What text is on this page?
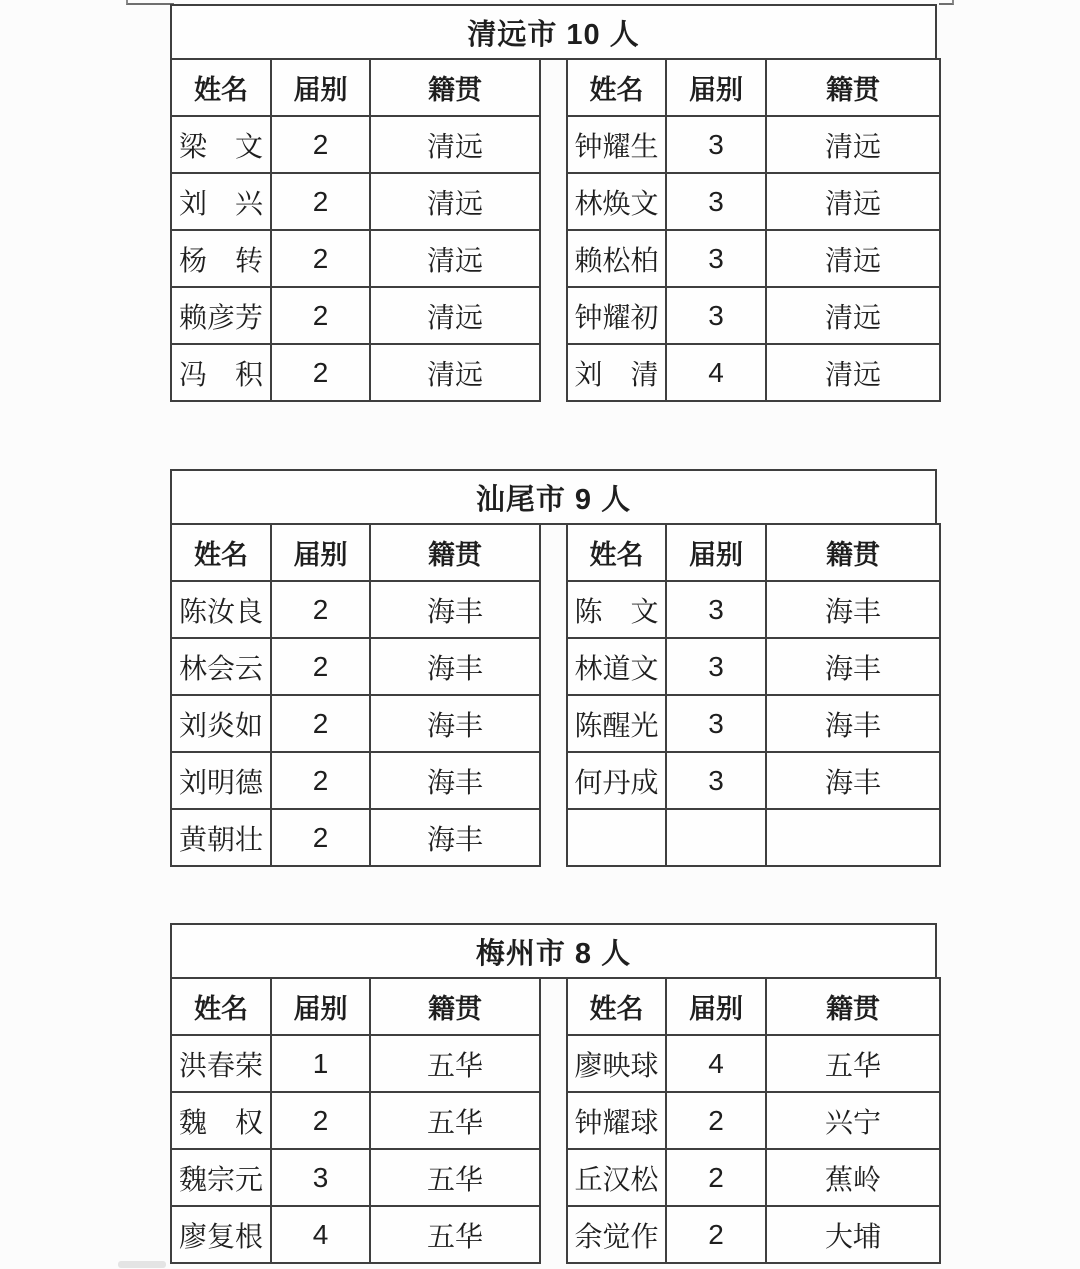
清远市 10 人
姓名	届别	籍贯
梁　文	2	清远
刘　兴	2	清远
杨　转	2	清远
赖彦芳	2	清远
冯　积	2	清远
姓名	届别	籍贯
钟耀生	3	清远
林焕文	3	清远
赖松柏	3	清远
钟耀初	3	清远
刘　清	4	清远
汕尾市 9 人
姓名	届别	籍贯
陈汝良	2	海丰
林会云	2	海丰
刘炎如	2	海丰
刘明德	2	海丰
黄朝壮	2	海丰
姓名	届别	籍贯
陈　文	3	海丰
林道文	3	海丰
陈醒光	3	海丰
何丹成	3	海丰

梅州市 8 人
姓名	届别	籍贯
洪春荣	1	五华
魏　权	2	五华
魏宗元	3	五华
廖复根	4	五华
姓名	届别	籍贯
廖映球	4	五华
钟耀球	2	兴宁
丘汉松	2	蕉岭
余觉作	2	大埔
